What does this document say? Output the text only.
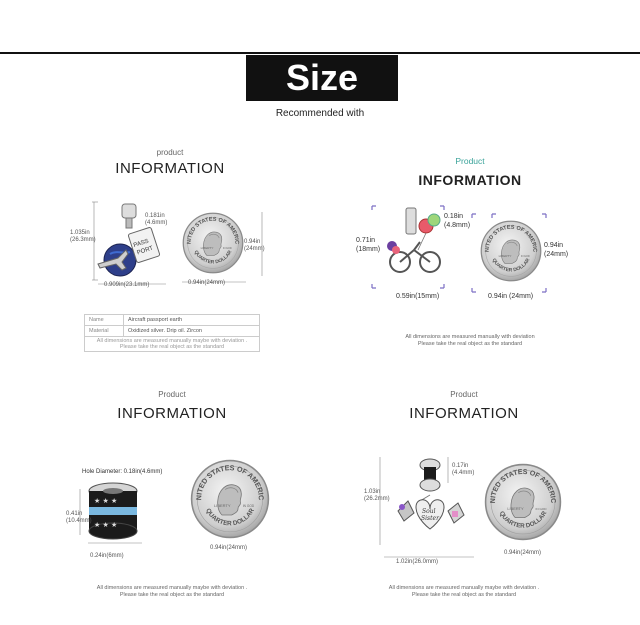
Size
Recommended with
product
INFORMATION
PASS
PORT
1.035in
(26.3mm)
0.181in
(4.6mm)
0.909in(23.1mm)
0.94in
(24mm)
0.94in(24mm)
Name	Aircraft passport earth
Material	Oxidized silver. Drip oil. Zircon

All dimensions are measured manually maybe with deviation .
Please take the real object as the standard	
Product
INFORMATION
0.18in
(4.8mm)
0.71in
(18mm)
0.59in(15mm)
0.94in
(24mm)
0.94in (24mm)
All dimensions are measured manually with deviation
Please take the real object as the standard
Product
INFORMATION
Hole Diameter: 0.18in(4.6mm)
★ ★ ★
★ ★ ★
0.41in
(10.4mm)
0.24in(6mm)
0.94in(24mm)
All dimensions are measured manually maybe with deviation .
Please take the real object as the standard
Product
INFORMATION
Soul
Sister
0.17in
(4.4mm)
1.03in
(26.2mm)
1.02in(26.0mm)
0.94in(24mm)
All dimensions are measured manually maybe with deviation .
Please take the real object as the standard
